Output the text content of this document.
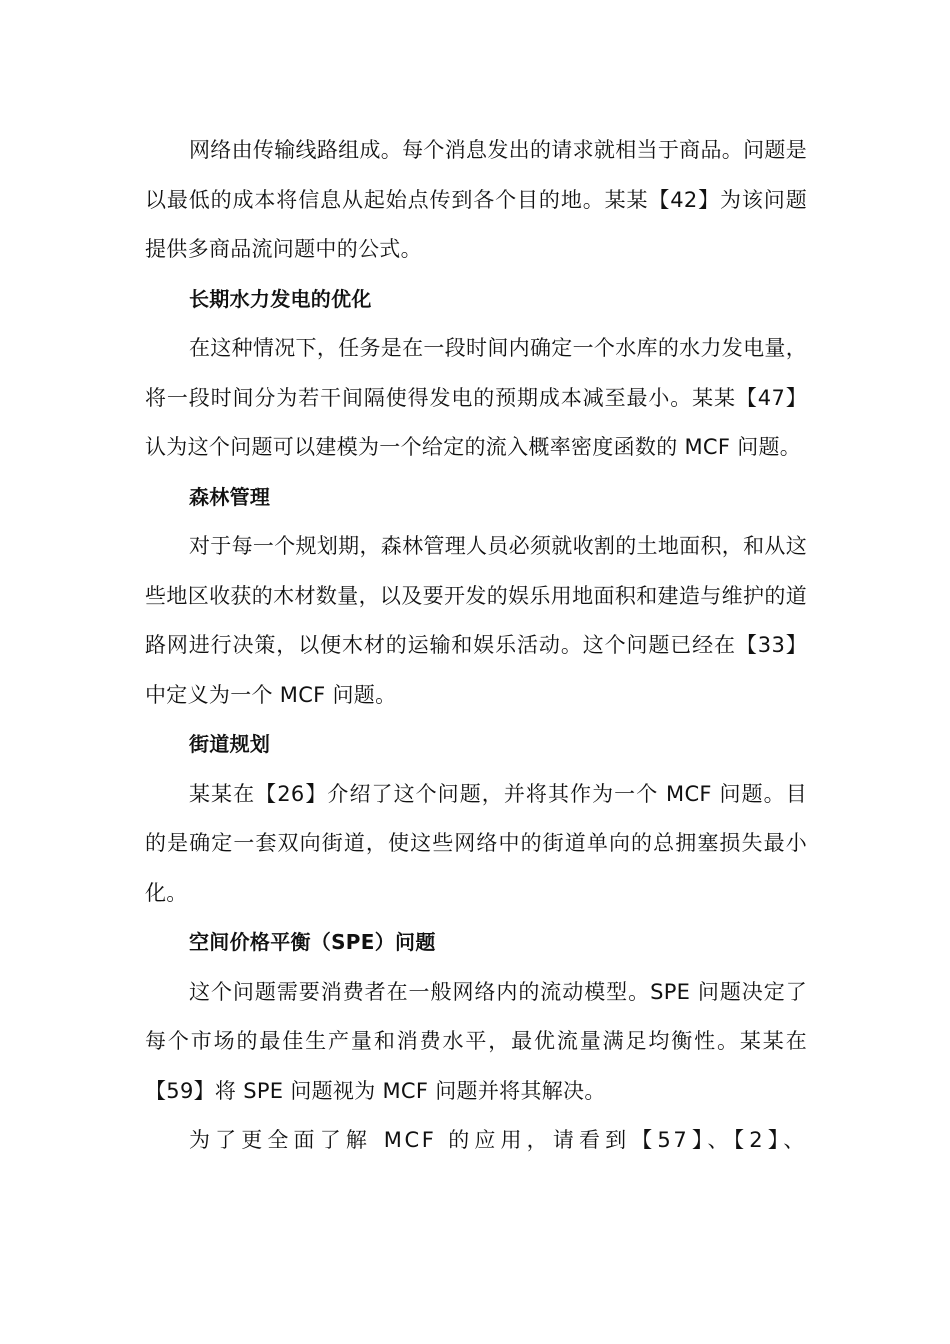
网络由传输线路组成。每个消息发出的请求就相当于商品。问题是以最低的成本将信息从起始点传到各个目的地。某某【42】为该问题提供多商品流问题中的公式。

长期水力发电的优化

在这种情况下，任务是在一段时间内确定一个水库的水力发电量，将一段时间分为若干间隔使得发电的预期成本减至最小。某某【47】认为这个问题可以建模为一个给定的流入概率密度函数的 MCF 问题。

森林管理

对于每一个规划期，森林管理人员必须就收割的土地面积，和从这些地区收获的木材数量，以及要开发的娱乐用地面积和建造与维护的道路网进行决策，以便木材的运输和娱乐活动。这个问题已经在【33】中定义为一个 MCF 问题。

街道规划

某某在【26】介绍了这个问题，并将其作为一个 MCF 问题。目的是确定一套双向街道，使这些网络中的街道单向的总拥塞损失最小化。

空间价格平衡（SPE）问题

这个问题需要消费者在一般网络内的流动模型。SPE 问题决定了每个市场的最佳生产量和消费水平，最优流量满足均衡性。某某在【59】将 SPE 问题视为 MCF 问题并将其解决。

为了更全面了解 MCF 的应用，请看到【57】、【2】、
